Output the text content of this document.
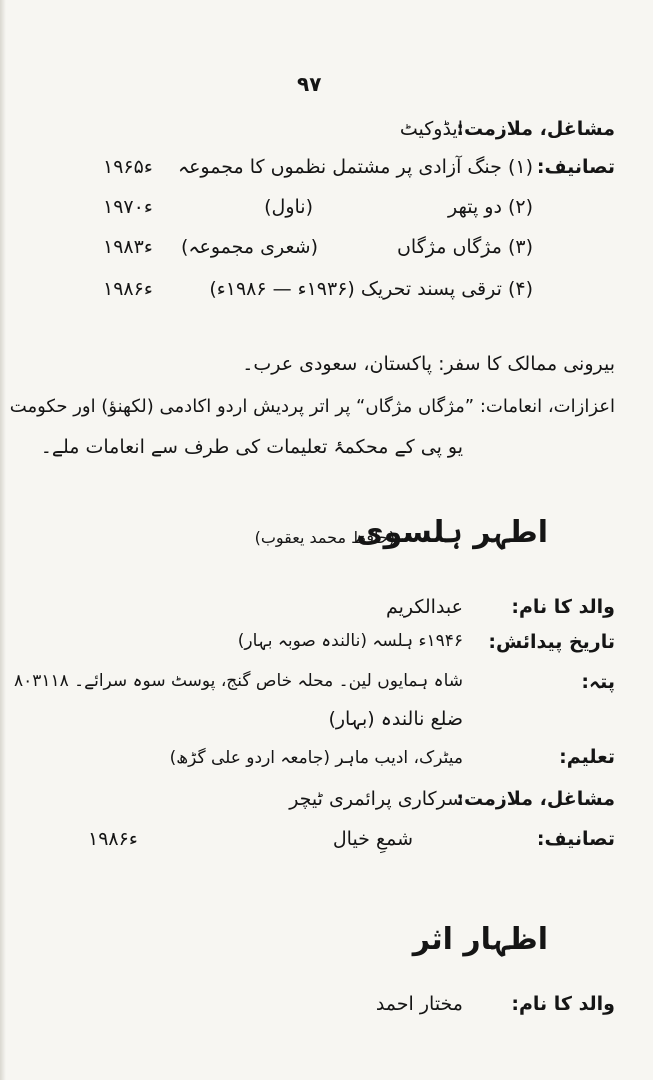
۹۷
مشاغل، ملازمت:
ایڈوکیٹ
تصانیف:
(۱) جنگ آزادی پر مشتمل نظموں کا مجموعہ
۱۹۶۵ء
(۲) دو پتھر
(ناول)
۱۹۷۰ء
(۳) مژگاں مژگاں
(شعری مجموعہ)
۱۹۸۳ء
(۴) ترقی پسند تحریک (۱۹۳۶ء — ۱۹۸۶ء)
۱۹۸۶ء
بیرونی ممالک کا سفر: پاکستان، سعودی عرب۔
اعزازات، انعامات: ”مژگاں مژگاں“ پر اتر پردیش اردو اکادمی (لکھنؤ) اور حکومت
یو پی کے محکمۂ تعلیمات کی طرف سے انعامات ملے۔
اطہر ہلسوی
(حافظ محمد یعقوب)
والد کا نام:
عبدالکریم
تاریخ پیدائش:
۱۹۴۶ء ہلسہ (نالندہ صوبہ بہار)
پتہ:
شاہ ہمایوں لین۔ محلہ خاص گنج، پوسٹ سوہ سرائے۔ ۸۰۳۱۱۸
ضلع نالندہ (بہار)
تعلیم:
میٹرک، ادیب ماہر (جامعہ اردو علی گڑھ)
مشاغل، ملازمت:
سرکاری پرائمری ٹیچر
تصانیف:
شمعِ خیال
۱۹۸۶ء
اظہار اثر
والد کا نام:
مختار احمد
